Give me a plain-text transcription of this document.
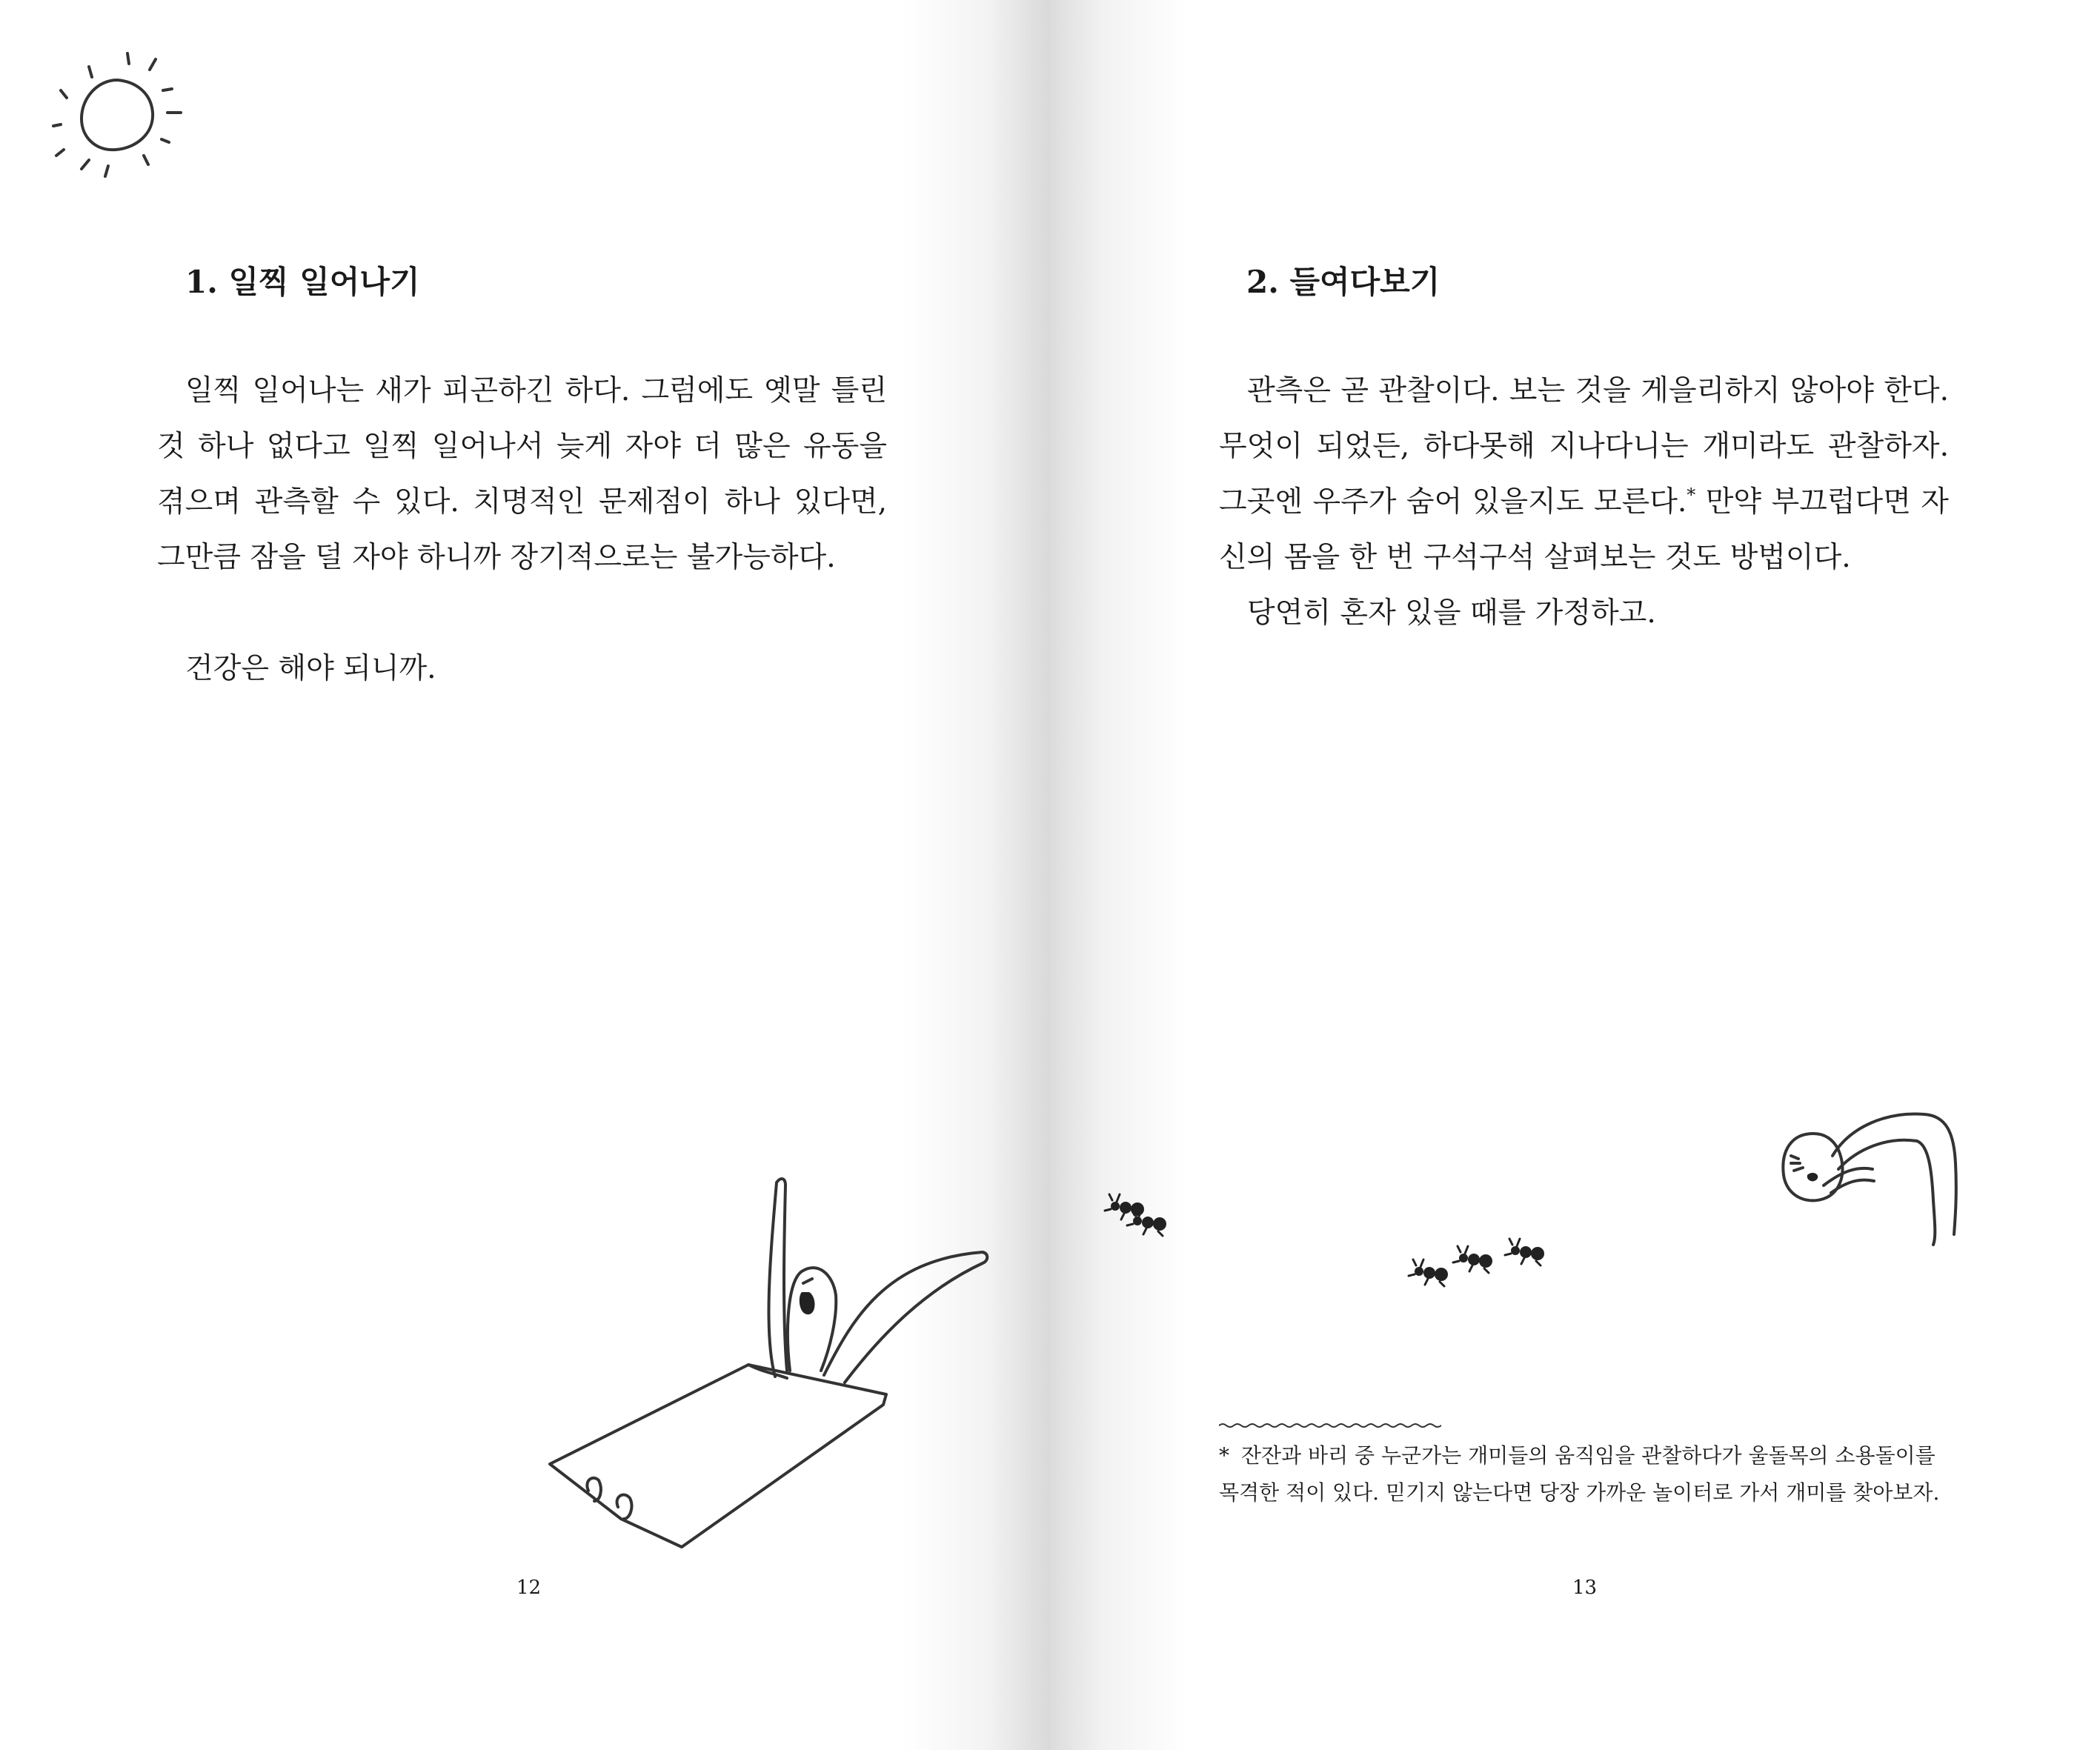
1. 일찍 일어나기

일찍 일어나는 새가 피곤하긴 하다. 그럼에도 옛말 틀린 것 하나 없다고 일찍 일어나서 늦게 자야 더 많은 유동을 겪으며 관측할 수 있다. 치명적인 문제점이 하나 있다면, 그만큼 잠을 덜 자야 하니까 장기적으로는 불가능하다.

건강은 해야 되니까.

12
2. 들여다보기

관측은 곧 관찰이다. 보는 것을 게을리하지 않아야 한다. 무엇이 되었든, 하다못해 지나다니는 개미라도 관찰하자. 그곳엔 우주가 숨어 있을지도 모른다.* 만약 부끄럽다면 자신의 몸을 한 번 구석구석 살펴보는 것도 방법이다.

당연히 혼자 있을 때를 가정하고.

* 잔잔과 바리 중 누군가는 개미들의 움직임을 관찰하다가 울돌목의 소용돌이를 목격한 적이 있다. 믿기지 않는다면 당장 가까운 놀이터로 가서 개미를 찾아보자.
13
